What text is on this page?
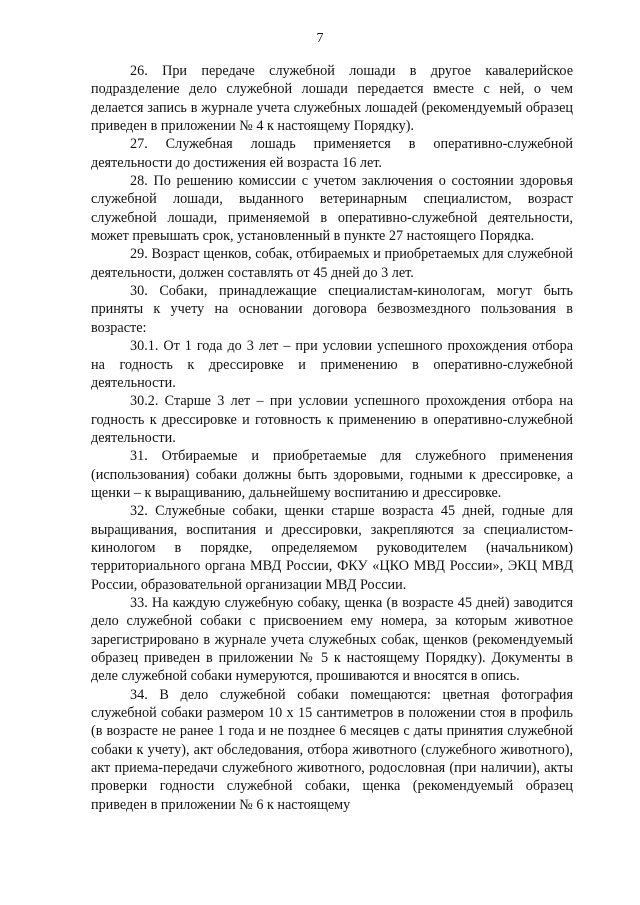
7

26. При передаче служебной лошади в другое кавалерийское подразделение дело служебной лошади передается вместе с ней, о чем делается запись в журнале учета служебных лошадей (рекомендуемый образец приведен в приложении № 4 к настоящему Порядку).

27. Служебная лошадь применяется в оперативно-служебной деятельности до достижения ей возраста 16 лет.

28. По решению комиссии с учетом заключения о состоянии здоровья служебной лошади, выданного ветеринарным специалистом, возраст служебной лошади, применяемой в оперативно-служебной деятельности, может превышать срок, установленный в пункте 27 настоящего Порядка.

29. Возраст щенков, собак, отбираемых и приобретаемых для служебной деятельности, должен составлять от 45 дней до 3 лет.

30. Собаки, принадлежащие специалистам-кинологам, могут быть приняты к учету на основании договора безвозмездного пользования в возрасте:

30.1. От 1 года до 3 лет – при условии успешного прохождения отбора на годность к дрессировке и применению в оперативно-служебной деятельности.

30.2. Старше 3 лет – при условии успешного прохождения отбора на годность к дрессировке и готовность к применению в оперативно-служебной деятельности.

31. Отбираемые и приобретаемые для служебного применения (использования) собаки должны быть здоровыми, годными к дрессировке, а щенки – к выращиванию, дальнейшему воспитанию и дрессировке.

32. Служебные собаки, щенки старше возраста 45 дней, годные для выращивания, воспитания и дрессировки, закрепляются за специалистом-кинологом в порядке, определяемом руководителем (начальником) территориального органа МВД России, ФКУ «ЦКО МВД России», ЭКЦ МВД России, образовательной организации МВД России.

33. На каждую служебную собаку, щенка (в возрасте 45 дней) заводится дело служебной собаки с присвоением ему номера, за которым животное зарегистрировано в журнале учета служебных собак, щенков (рекомендуемый образец приведен в приложении № 5 к настоящему Порядку). Документы в деле служебной собаки нумеруются, прошиваются и вносятся в опись.

34. В дело служебной собаки помещаются: цветная фотография служебной собаки размером 10 х 15 сантиметров в положении стоя в профиль (в возрасте не ранее 1 года и не позднее 6 месяцев с даты принятия служебной собаки к учету), акт обследования, отбора животного (служебного животного), акт приема-передачи служебного животного, родословная (при наличии), акты проверки годности служебной собаки, щенка (рекомендуемый образец приведен в приложении № 6 к настоящему
